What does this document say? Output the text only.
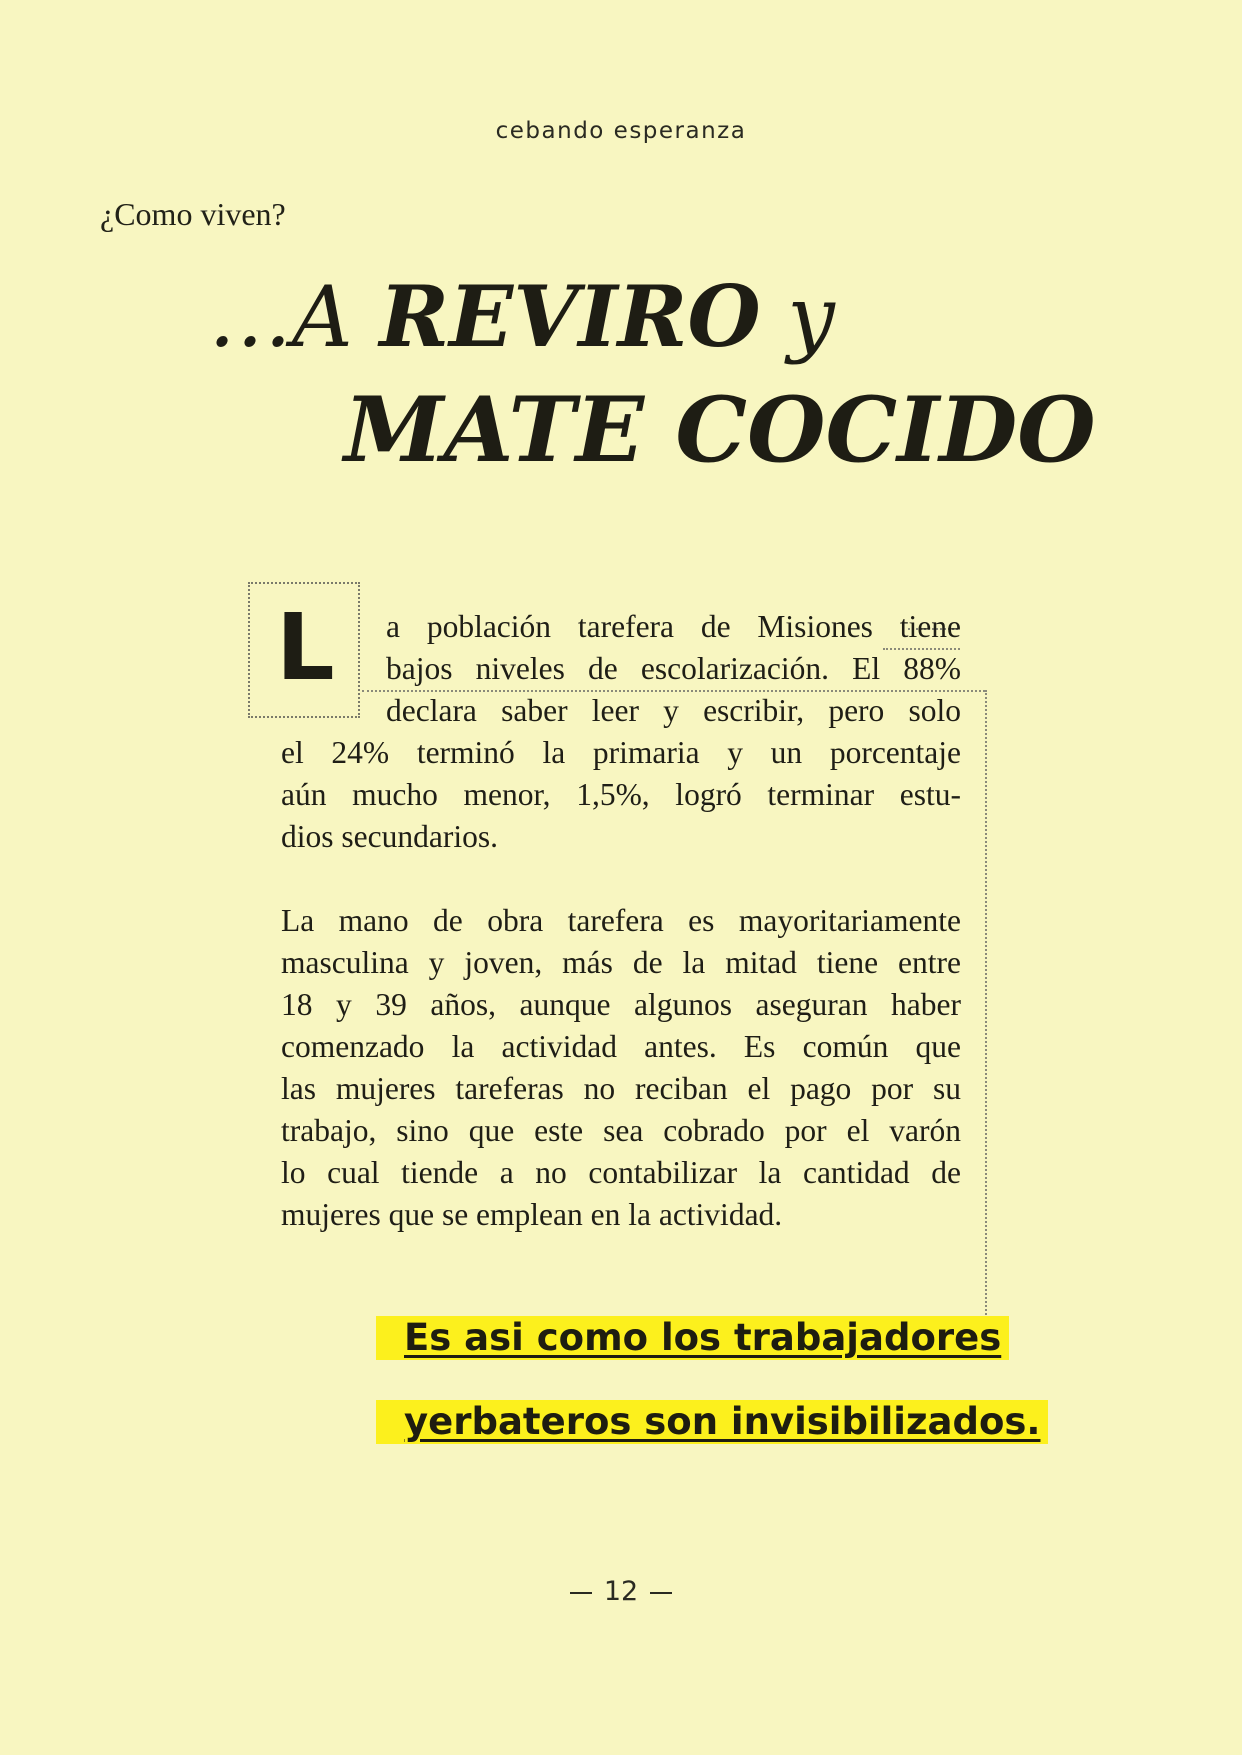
cebando esperanza
¿Como viven?
…A REVIRO y
MATE COCIDO
L a población tarefera de Misiones tiene
bajos niveles de escolarización. El 88%
declara saber leer y escribir, pero solo
el 24% terminó la primaria y un porcentaje
aún mucho menor, 1,5%, logró terminar estu-
dios secundarios.
La mano de obra tarefera es mayoritariamente
masculina y joven, más de la mitad tiene entre
18 y 39 años, aunque algunos aseguran haber
comenzado la actividad antes. Es común que
las mujeres tareferas no reciban el pago por su
trabajo, sino que este sea cobrado por el varón
lo cual tiende a no contabilizar la cantidad de
mujeres que se emplean en la actividad.
Es asi como los trabajadores
yerbateros son invisibilizados.
12
